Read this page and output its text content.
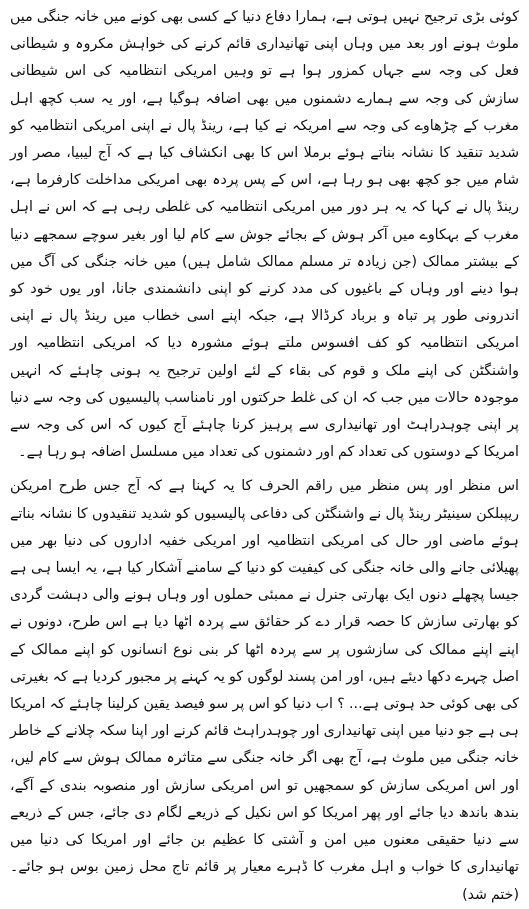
کوئی بڑی ترجیح نہیں ہوتی ہے، ہمارا دفاع دنیا کے کسی بھی کونے میں خانہ جنگی میں ملوث ہونے اور بعد میں وہاں اپنی تھانیداری قائم کرنے کی خواہش مکروہ و شیطانی فعل کی وجہ سے جہاں کمزور ہوا ہے تو وہیں امریکی انتظامیہ کی اس شیطانی سازش کی وجہ سے ہمارے دشمنوں میں بھی اضافہ ہوگیا ہے، اور یہ سب کچھ اہل مغرب کے چڑھاوے کی وجہ سے امریکہ نے کیا ہے، رینڈ پال نے اپنی امریکی انتظامیہ کو شدید تنقید کا نشانہ بناتے ہوئے برملا اس کا بھی انکشاف کیا ہے کہ آج لیبیا، مصر اور شام میں جو کچھ بھی ہو رہا ہے، اس کے پس پردہ بھی امریکی مداخلت کارفرما ہے، رینڈ پال نے کہا کہ یہ ہر دور میں امریکی انتظامیہ کی غلطی رہی ہے کہ اس نے اہل مغرب کے بہکاوے میں آکر ہوش کے بجائے جوش سے کام لیا اور بغیر سوچے سمجھے دنیا کے بیشتر ممالک (جن زیادہ تر مسلم ممالک شامل ہیں) میں خانہ جنگی کی آگ میں ہوا دینے اور وہاں کے باغیوں کی مدد کرنے کو اپنی دانشمندی جانا، اور یوں خود کو اندرونی طور پر تباہ و برباد کرڈالا ہے، جبکہ اپنے اسی خطاب میں رینڈ پال نے اپنی امریکی انتظامیہ کو کف افسوس ملتے ہوئے مشورہ دیا کہ امریکی انتظامیہ اور واشنگٹن کی اپنے ملک و قوم کی بقاء کے لئے اولین ترجیح یہ ہونی چاہئے کہ انہیں موجودہ حالات میں جب کہ ان کی غلط حرکتوں اور نامناسب پالیسیوں کی وجہ سے دنیا پر اپنی چوہدراہٹ اور تھانیداری سے پرہیز کرنا چاہئے آج کیوں کہ اس کی وجہ سے امریکا کے دوستوں کی تعداد کم اور دشمنوں کی تعداد میں مسلسل اضافہ ہو رہا ہے۔

اس منظر اور پس منظر میں راقم الحرف کا یہ کہنا ہے کہ آج جس طرح امریکن ریپبلکن سینیٹر رینڈ پال نے واشنگٹن کی دفاعی پالیسیوں کو شدید تنقیدوں کا نشانہ بناتے ہوئے ماضی اور حال کی امریکی انتظامیہ اور امریکی خفیہ اداروں کی دنیا بھر میں پھیلائی جانے والی خانہ جنگی کی کیفیت کو دنیا کے سامنے آشکار کیا ہے، یہ ایسا ہی ہے جیسا پچھلے دنوں ایک بھارتی جنرل نے ممبئی حملوں اور وہاں ہونے والی دہشت گردی کو بھارتی سازش کا حصہ قرار دے کر حقائق سے پردہ اٹھا دیا ہے اس طرح، دونوں نے اپنے اپنے ممالک کی سازشوں پر سے پردہ اٹھا کر بنی نوع انسانوں کو اپنے ممالک کے اصل چہرے دکھا دیئے ہیں، اور امن پسند لوگوں کو یہ کہنے پر مجبور کردیا ہے کہ بغیرتی کی بھی کوئی حد ہوتی ہے... ؟ اب دنیا کو اس پر سو فیصد یقین کرلینا چاہئے کہ امریکا ہی ہے جو دنیا میں اپنی تھانیداری اور چوہدراہٹ قائم کرنے اور اپنا سکہ چلانے کے خاطر خانہ جنگی میں ملوث ہے، آج بھی اگر خانہ جنگی سے متاثرہ ممالک ہوش سے کام لیں، اور اس امریکی سازش کو سمجھیں تو اس امریکی سازش اور منصوبہ بندی کے آگے، بندھ باندھ دیا جائے اور پھر امریکا کو اس نکیل کے ذریعے لگام دی جائے، جس کے ذریعے سے دنیا حقیقی معنوں میں امن و آشتی کا عظیم بن جائے اور امریکا کی دنیا میں تھانیداری کا خواب و اہل مغرب کا ڈہرے معیار پر قائم تاج محل زمین بوس ہو جائے۔ (ختم شد)
